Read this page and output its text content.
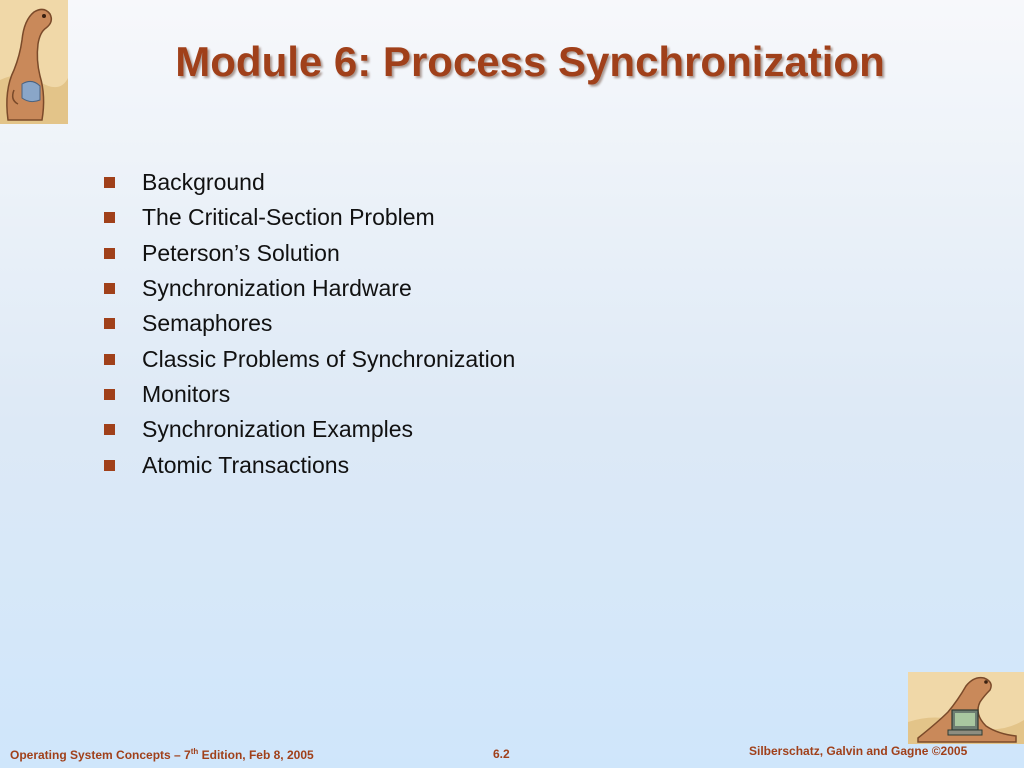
Module 6: Process Synchronization
Background
The Critical-Section Problem
Peterson’s Solution
Synchronization Hardware
Semaphores
Classic Problems of Synchronization
Monitors
Synchronization Examples
Atomic Transactions
Operating System Concepts – 7th Edition, Feb 8, 2005	6.2	Silberschatz, Galvin and Gagne ©2005
